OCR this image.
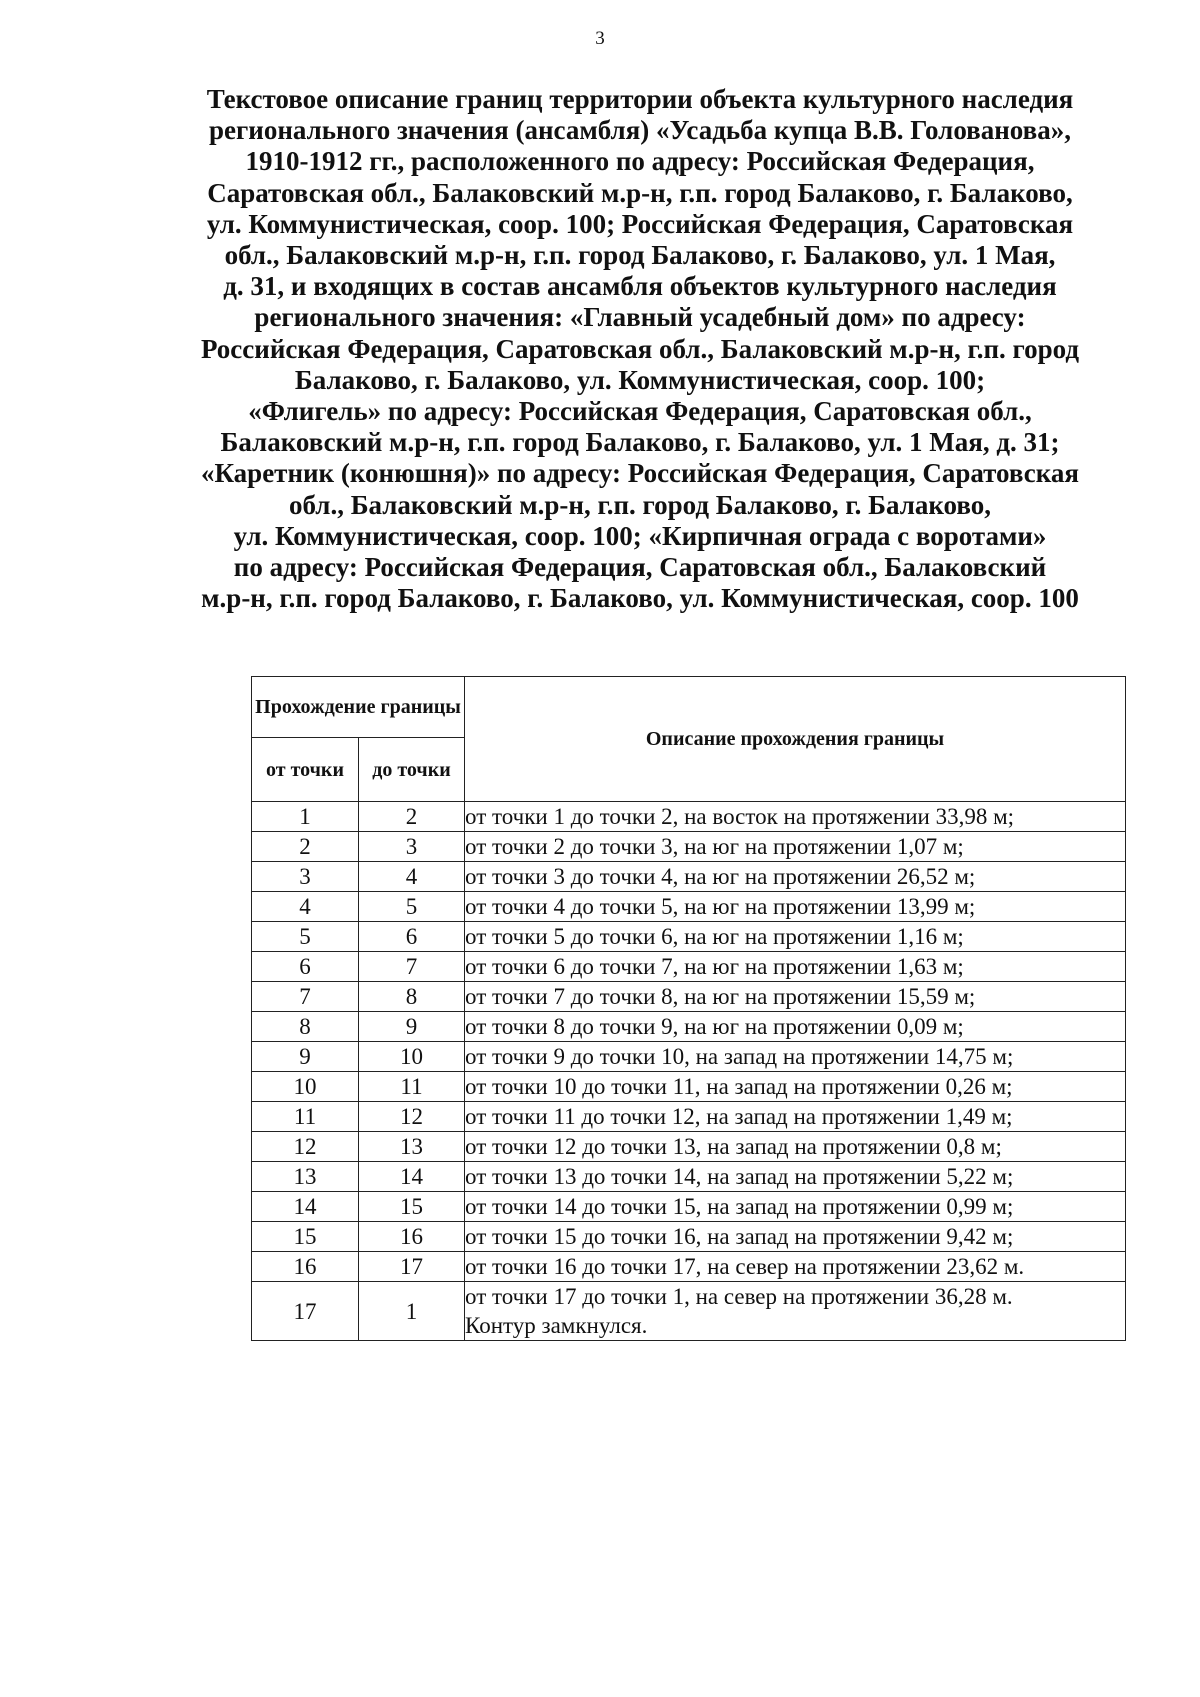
3
Текстовое описание границ территории объекта культурного наследия
регионального значения (ансамбля) «Усадьба купца В.В. Голованова»,
1910-1912 гг., расположенного по адресу: Российская Федерация,
Саратовская обл., Балаковский м.р-н, г.п. город Балаково, г. Балаково,
ул. Коммунистическая, соор. 100; Российская Федерация, Саратовская
обл., Балаковский м.р-н, г.п. город Балаково, г. Балаково, ул. 1 Мая,
д. 31, и входящих в состав ансамбля объектов культурного наследия
регионального значения: «Главный усадебный дом» по адресу:
Российская Федерация, Саратовская обл., Балаковский м.р-н, г.п. город
Балаково, г. Балаково, ул. Коммунистическая, соор. 100;
«Флигель» по адресу: Российская Федерация, Саратовская обл.,
Балаковский м.р-н, г.п. город Балаково, г. Балаково, ул. 1 Мая, д. 31;
«Каретник (конюшня)» по адресу: Российская Федерация, Саратовская
обл., Балаковский м.р-н, г.п. город Балаково, г. Балаково,
ул. Коммунистическая, соор. 100; «Кирпичная ограда с воротами»
по адресу: Российская Федерация, Саратовская обл., Балаковский
м.р-н, г.п. город Балаково, г. Балаково, ул. Коммунистическая, соор. 100
Прохождение границы		Описание прохождения границы
от точки	до точки	
1	2	от точки 1 до точки 2, на восток на протяжении 33,98 м;

2	3	от точки 2 до точки 3, на юг на протяжении 1,07 м;

3	4	от точки 3 до точки 4, на юг на протяжении 26,52 м;

4	5	от точки 4 до точки 5, на юг на протяжении 13,99 м;

5	6	от точки 5 до точки 6, на юг на протяжении 1,16 м;

6	7	от точки 6 до точки 7, на юг на протяжении 1,63 м;

7	8	от точки 7 до точки 8, на юг на протяжении 15,59 м;

8	9	от точки 8 до точки 9, на юг на протяжении 0,09 м;

9	10	от точки 9 до точки 10, на запад на протяжении 14,75 м;

10	11	от точки 10 до точки 11, на запад на протяжении 0,26 м;

11	12	от точки 11 до точки 12, на запад на протяжении 1,49 м;

12	13	от точки 12 до точки 13, на запад на протяжении 0,8 м;

13	14	от точки 13 до точки 14, на запад на протяжении 5,22 м;

14	15	от точки 14 до точки 15, на запад на протяжении 0,99 м;

15	16	от точки 15 до точки 16, на запад на протяжении 9,42 м;

16	17	от точки 16 до точки 17, на север на протяжении 23,62 м.

17	1	от точки 17 до точки 1, на север на протяжении 36,28 м.
Контур замкнулся.
